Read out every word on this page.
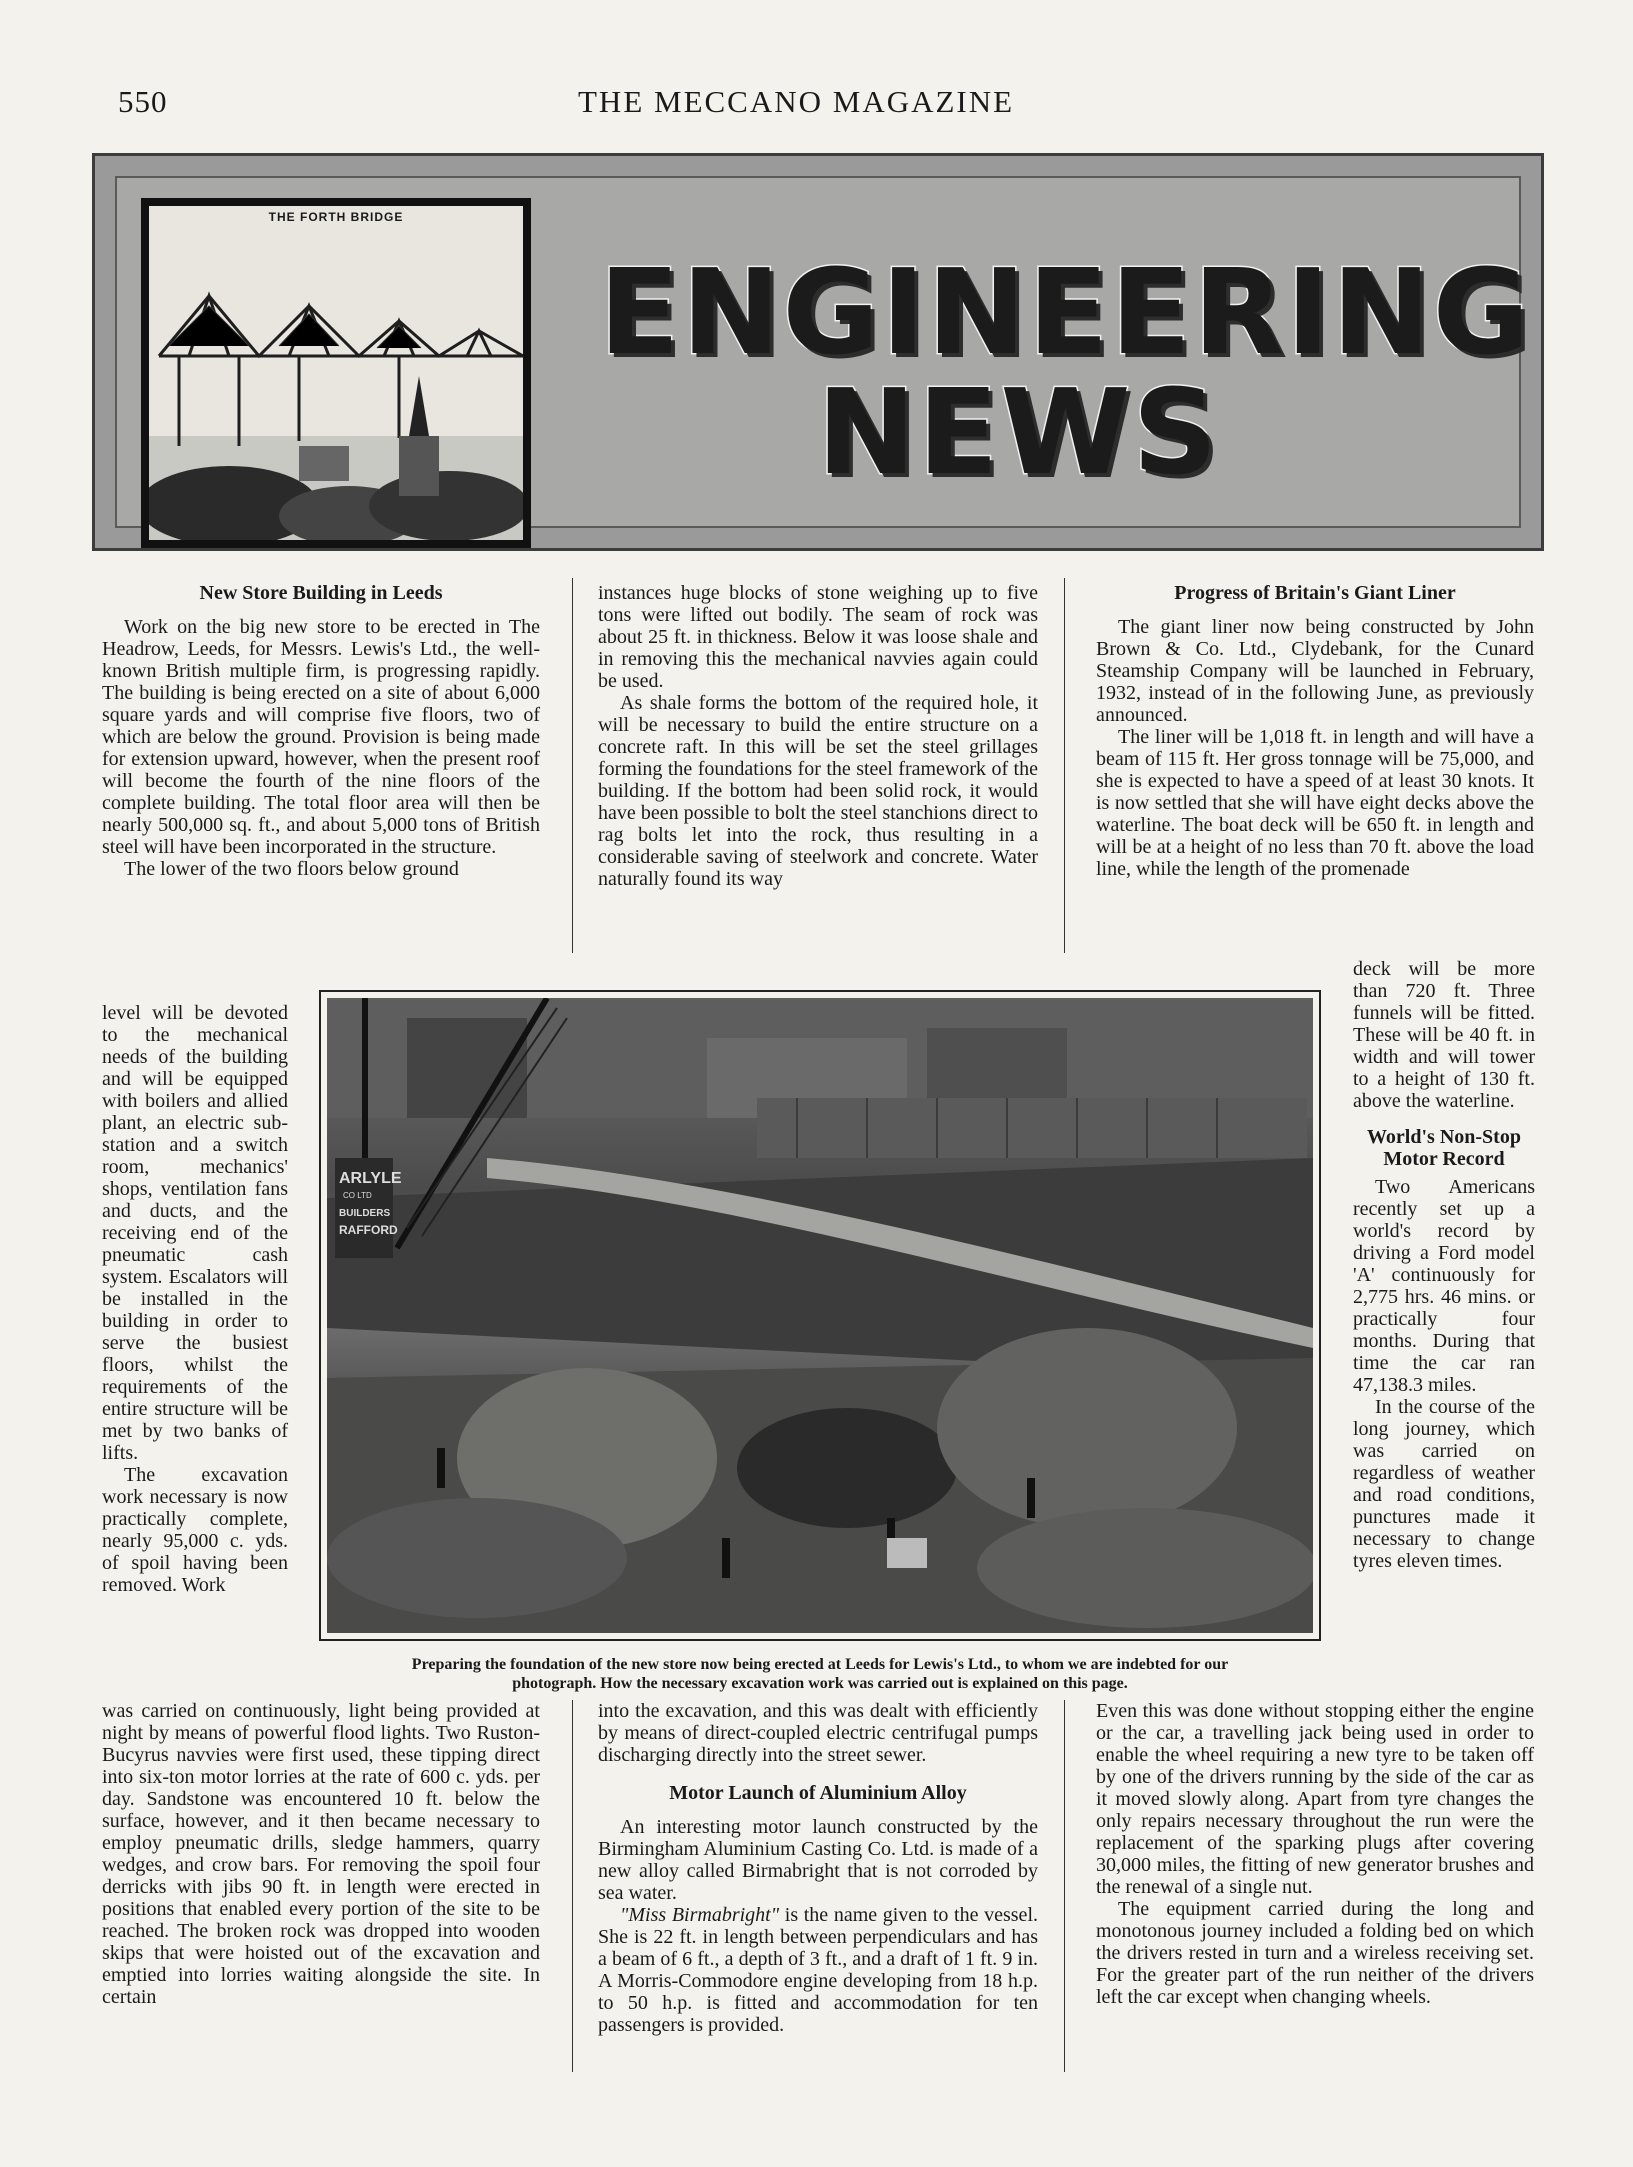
550	THE MECCANO MAGAZINE
THE FORTH BRIDGE
ENGINEERING
NEWS
New Store Building in Leeds

Work on the big new store to be erected in The Headrow, Leeds, for Messrs. Lewis's Ltd., the well-known British multiple firm, is progressing rapidly. The building is being erected on a site of about 6,000 square yards and will comprise five floors, two of which are below the ground. Provision is being made for extension upward, however, when the present roof will become the fourth of the nine floors of the complete building. The total floor area will then be nearly 500,000 sq. ft., and about 5,000 tons of British steel will have been incorporated in the structure.

The lower of the two floors below ground

level will be devoted to the mechanical needs of the building and will be equipped with boilers and allied plant, an electric sub-station and a switch room, mechanics' shops, ventilation fans and ducts, and the receiving end of the pneumatic cash system. Escalators will be installed in the building in order to serve the busiest floors, whilst the requirements of the entire structure will be met by two banks of lifts.

The excavation work necessary is now practically complete, nearly 95,000 c. yds. of spoil having been removed. Work

was carried on continuously, light being provided at night by means of powerful flood lights. Two Ruston-Bucyrus navvies were first used, these tipping direct into six-ton motor lorries at the rate of 600 c. yds. per day. Sandstone was encountered 10 ft. below the surface, however, and it then became necessary to employ pneumatic drills, sledge hammers, quarry wedges, and crow bars. For removing the spoil four derricks with jibs 90 ft. in length were erected in positions that enabled every portion of the site to be reached. The broken rock was dropped into wooden skips that were hoisted out of the excavation and emptied into lorries waiting alongside the site. In certain

instances huge blocks of stone weighing up to five tons were lifted out bodily. The seam of rock was about 25 ft. in thickness. Below it was loose shale and in removing this the mechanical navvies again could be used.

As shale forms the bottom of the required hole, it will be necessary to build the entire structure on a concrete raft. In this will be set the steel grillages forming the foundations for the steel framework of the building. If the bottom had been solid rock, it would have been possible to bolt the steel stanchions direct to rag bolts let into the rock, thus resulting in a considerable saving of steelwork and concrete. Water naturally found its way

into the excavation, and this was dealt with efficiently by means of direct-coupled electric centrifugal pumps discharging directly into the street sewer.

Motor Launch of Aluminium Alloy

An interesting motor launch constructed by the Birmingham Aluminium Casting Co. Ltd. is made of a new alloy called Birmabright that is not corroded by sea water.

"Miss Birmabright" is the name given to the vessel. She is 22 ft. in length between perpendiculars and has a beam of 6 ft., a depth of 3 ft., and a draft of 1 ft. 9 in. A Morris-Commodore engine developing from 18 h.p. to 50 h.p. is fitted and accommodation for ten passengers is provided.

Progress of Britain's Giant Liner

The giant liner now being constructed by John Brown & Co. Ltd., Clydebank, for the Cunard Steamship Company will be launched in February, 1932, instead of in the following June, as previously announced.

The liner will be 1,018 ft. in length and will have a beam of 115 ft. Her gross tonnage will be 75,000, and she is expected to have a speed of at least 30 knots. It is now settled that she will have eight decks above the waterline. The boat deck will be 650 ft. in length and will be at a height of no less than 70 ft. above the load line, while the length of the promenade

deck will be more than 720 ft. Three funnels will be fitted. These will be 40 ft. in width and will tower to a height of 130 ft. above the waterline.

World's Non-Stop
Motor Record

Two Americans recently set up a world's record by driving a Ford model 'A' continuously for 2,775 hrs. 46 mins. or practically four months. During that time the car ran 47,138.3 miles.

In the course of the long journey, which was carried on regardless of weather and road conditions, punctures made it necessary to change tyres eleven times.

Even this was done without stopping either the engine or the car, a travelling jack being used in order to enable the wheel requiring a new tyre to be taken off by one of the drivers running by the side of the car as it moved slowly along. Apart from tyre changes the only repairs necessary throughout the run were the replacement of the sparking plugs after covering 30,000 miles, the fitting of new generator brushes and the renewal of a single nut.

The equipment carried during the long and monotonous journey included a folding bed on which the drivers rested in turn and a wireless receiving set. For the greater part of the run neither of the drivers left the car except when changing wheels.

ARLYLE
CO LTD
BUILDERS
RAFFORD
Preparing the foundation of the new store now being erected at Leeds for Lewis's Ltd., to whom we are indebted for our
photograph. How the necessary excavation work was carried out is explained on this page.
